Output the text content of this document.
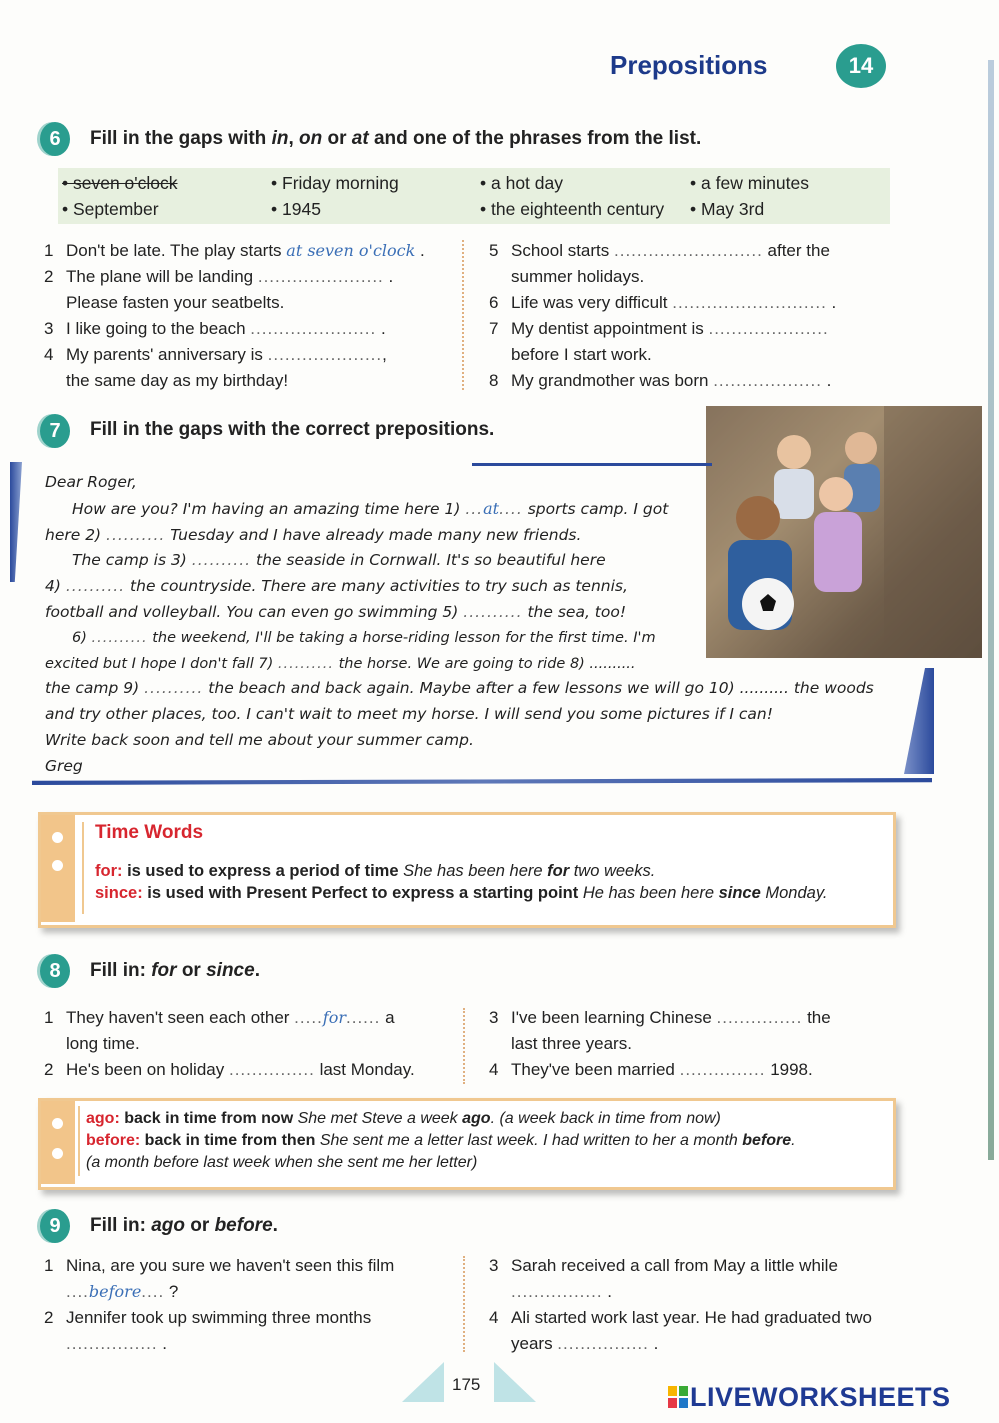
Prepositions	14
6	Fill in the gaps with in, on or at and one of the phrases from the list.
• seven o'clock	• Friday morning	• a hot day	• a few minutes
• September	• 1945	• the eighteenth century • May 3rd
1 Don't be late. The play starts at seven o'clock .
2 The plane will be landing ...................... .
Please fasten your seatbelts.
3 I like going to the beach ...................... .
4 My parents' anniversary is ....................,
the same day as my birthday!
5 School starts .......................... after the
summer holidays.
6 Life was very difficult ........................... .
7 My dentist appointment is .....................
before I start work.
8 My grandmother was born ................... .
7	Fill in the gaps with the correct prepositions.
Dear Roger,
How are you? I'm having an amazing time here 1) ...at.... sports camp. I got
here 2) .......... Tuesday and I have already made many new friends.
The camp is 3) .......... the seaside in Cornwall. It's so beautiful here
4) .......... the countryside. There are many activities to try such as tennis,
football and volleyball. You can even go swimming 5) .......... the sea, too!
6) .......... the weekend, I'll be taking a horse-riding lesson for the first time. I'm
excited but I hope I don't fall 7) .......... the horse. We are going to ride 8) ..........
the camp 9) .......... the beach and back again. Maybe after a few lessons we will go 10) .......... the woods
and try other places, too. I can't wait to meet my horse. I will send you some pictures if I can!
Write back soon and tell me about your summer camp.
Greg
Time Words
for: is used to express a period of time She has been here for two weeks.
since: is used with Present Perfect to express a starting point He has been here since Monday.
8	Fill in: for or since.
1 They haven't seen each other .....for...... a
long time.
2 He's been on holiday ............... last Monday.
3 I've been learning Chinese ............... the
last three years.
4 They've been married ............... 1998.
ago: back in time from now She met Steve a week ago. (a week back in time from now)
before: back in time from then She sent me a letter last week. I had written to her a month before.
(a month before last week when she sent me her letter)
9	Fill in: ago or before.
1 Nina, are you sure we haven't seen this film
....before.... ?
2 Jennifer took up swimming three months
................ .
3 Sarah received a call from May a little while
................ .
4 Ali started work last year. He had graduated two
years ................ .
175	LIVEWORKSHEETS
